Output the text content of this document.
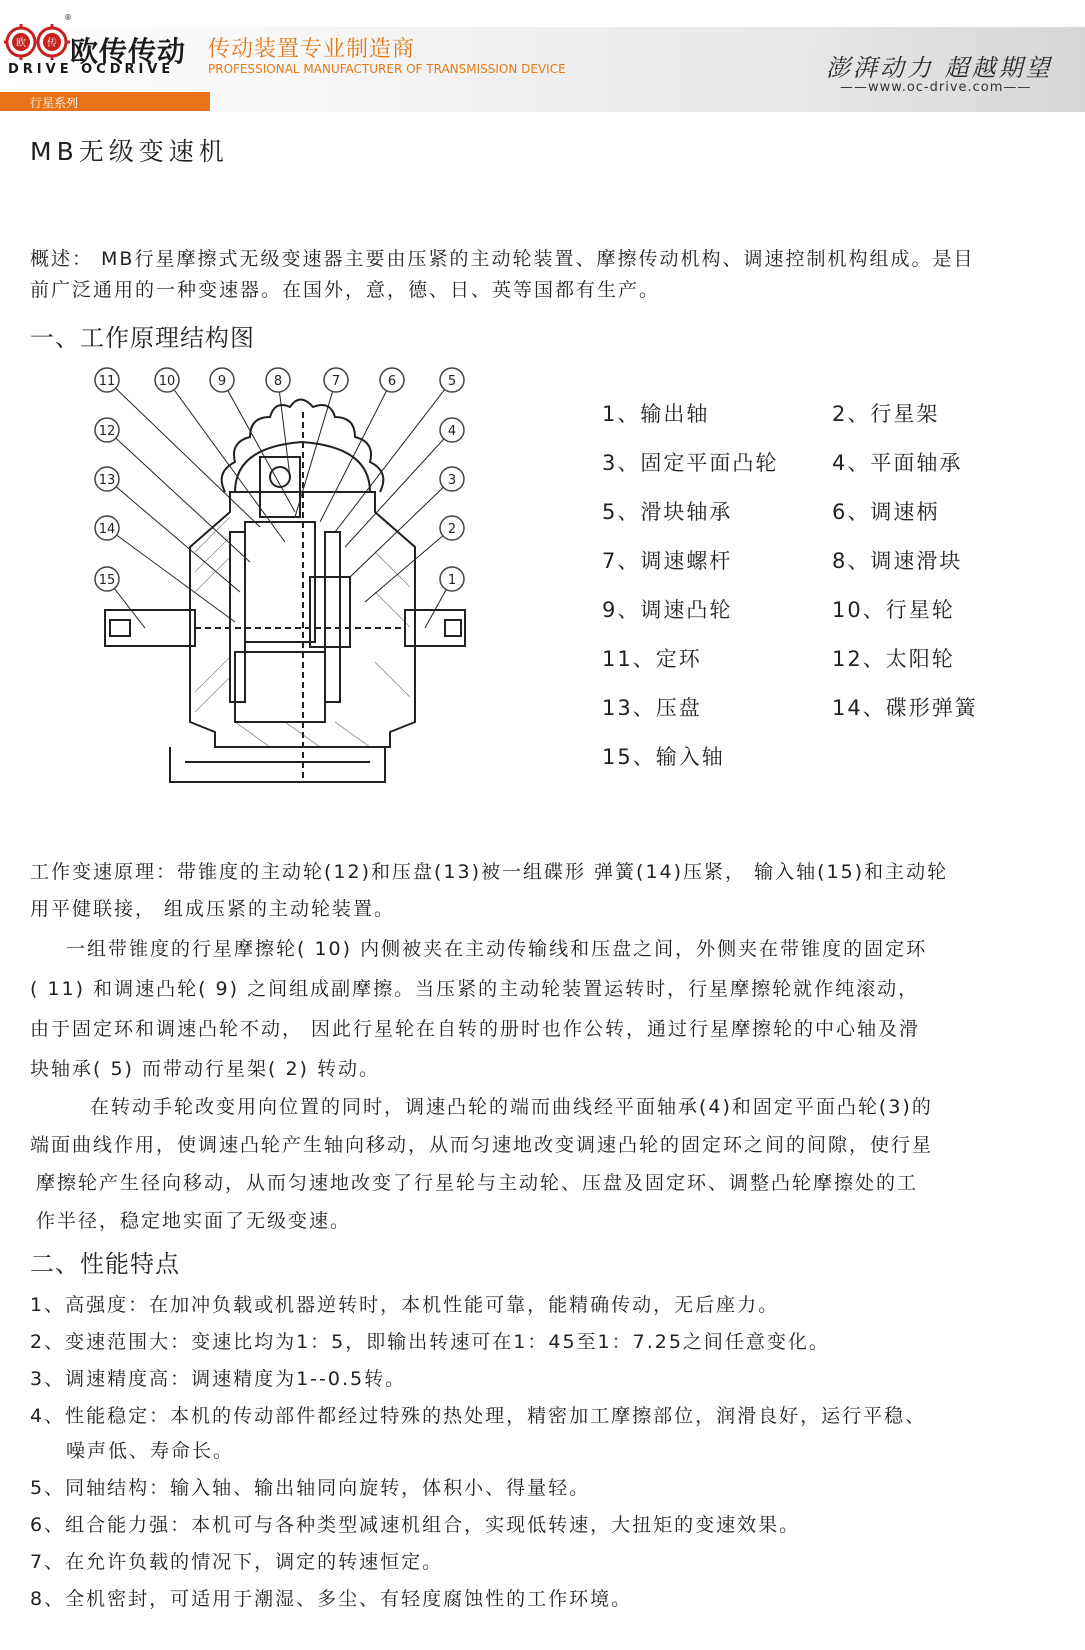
欧 传
®
欧传传动
DRIVE OCDRIVE
传动装置专业制造商
PROFESSIONAL MANUFACTURER OF TRANSMISSION DEVICE	澎湃动力 超越期望
——www.oc-drive.com——
行星系列
MB无级变速机
概述： MB行星摩擦式无级变速器主要由压紧的主动轮装置、摩擦传动机构、调速控制机构组成。是目
前广泛通用的一种变速器。在国外，意，德、日、英等国都有生产。
一、工作原理结构图
11	10	9	8	7	6	5
4
3
2
1
12
13
14
15
1、输出轴	2、行星架
3、固定平面凸轮	4、平面轴承
5、滑块轴承	6、调速柄
7、调速螺杆	8、调速滑块
9、调速凸轮	10、行星轮
11、定环	12、太阳轮
13、压盘	14、碟形弹簧
15、输入轴
工作变速原理：带锥度的主动轮(12)和压盘(13)被一组碟形 弹簧(14)压紧， 输入轴(15)和主动轮
用平健联接， 组成压紧的主动轮装置。
一组带锥度的行星摩擦轮( 10) 内侧被夹在主动传输线和压盘之间，外侧夹在带锥度的固定环
( 11) 和调速凸轮( 9) 之间组成副摩擦。当压紧的主动轮装置运转时，行星摩擦轮就作纯滚动，
由于固定环和调速凸轮不动， 因此行星轮在自转的册时也作公转，通过行星摩擦轮的中心轴及滑
块轴承( 5) 而带动行星架( 2) 转动。
在转动手轮改变用向位置的同时，调速凸轮的端而曲线经平面轴承(4)和固定平面凸轮(3)的
端面曲线作用，使调速凸轮产生轴向移动，从而匀速地改变调速凸轮的固定环之间的间隙，使行星
摩擦轮产生径向移动，从而匀速地改变了行星轮与主动轮、压盘及固定环、调整凸轮摩擦处的工
作半径，稳定地实面了无级变速。
二、性能特点
1、高强度：在加冲负载或机器逆转时，本机性能可靠，能精确传动，无后座力。
2、变速范围大：变速比均为1：5，即输出转速可在1：45至1：7.25之间任意变化。
3、调速精度高：调速精度为1--0.5转。
4、性能稳定：本机的传动部件都经过特殊的热处理，精密加工摩擦部位，润滑良好，运行平稳、
噪声低、寿命长。
5、同轴结构：输入轴、输出轴同向旋转，体积小、得量轻。
6、组合能力强：本机可与各种类型减速机组合，实现低转速，大扭矩的变速效果。
7、在允许负载的情况下，调定的转速恒定。
8、全机密封，可适用于潮湿、多尘、有轻度腐蚀性的工作环境。
